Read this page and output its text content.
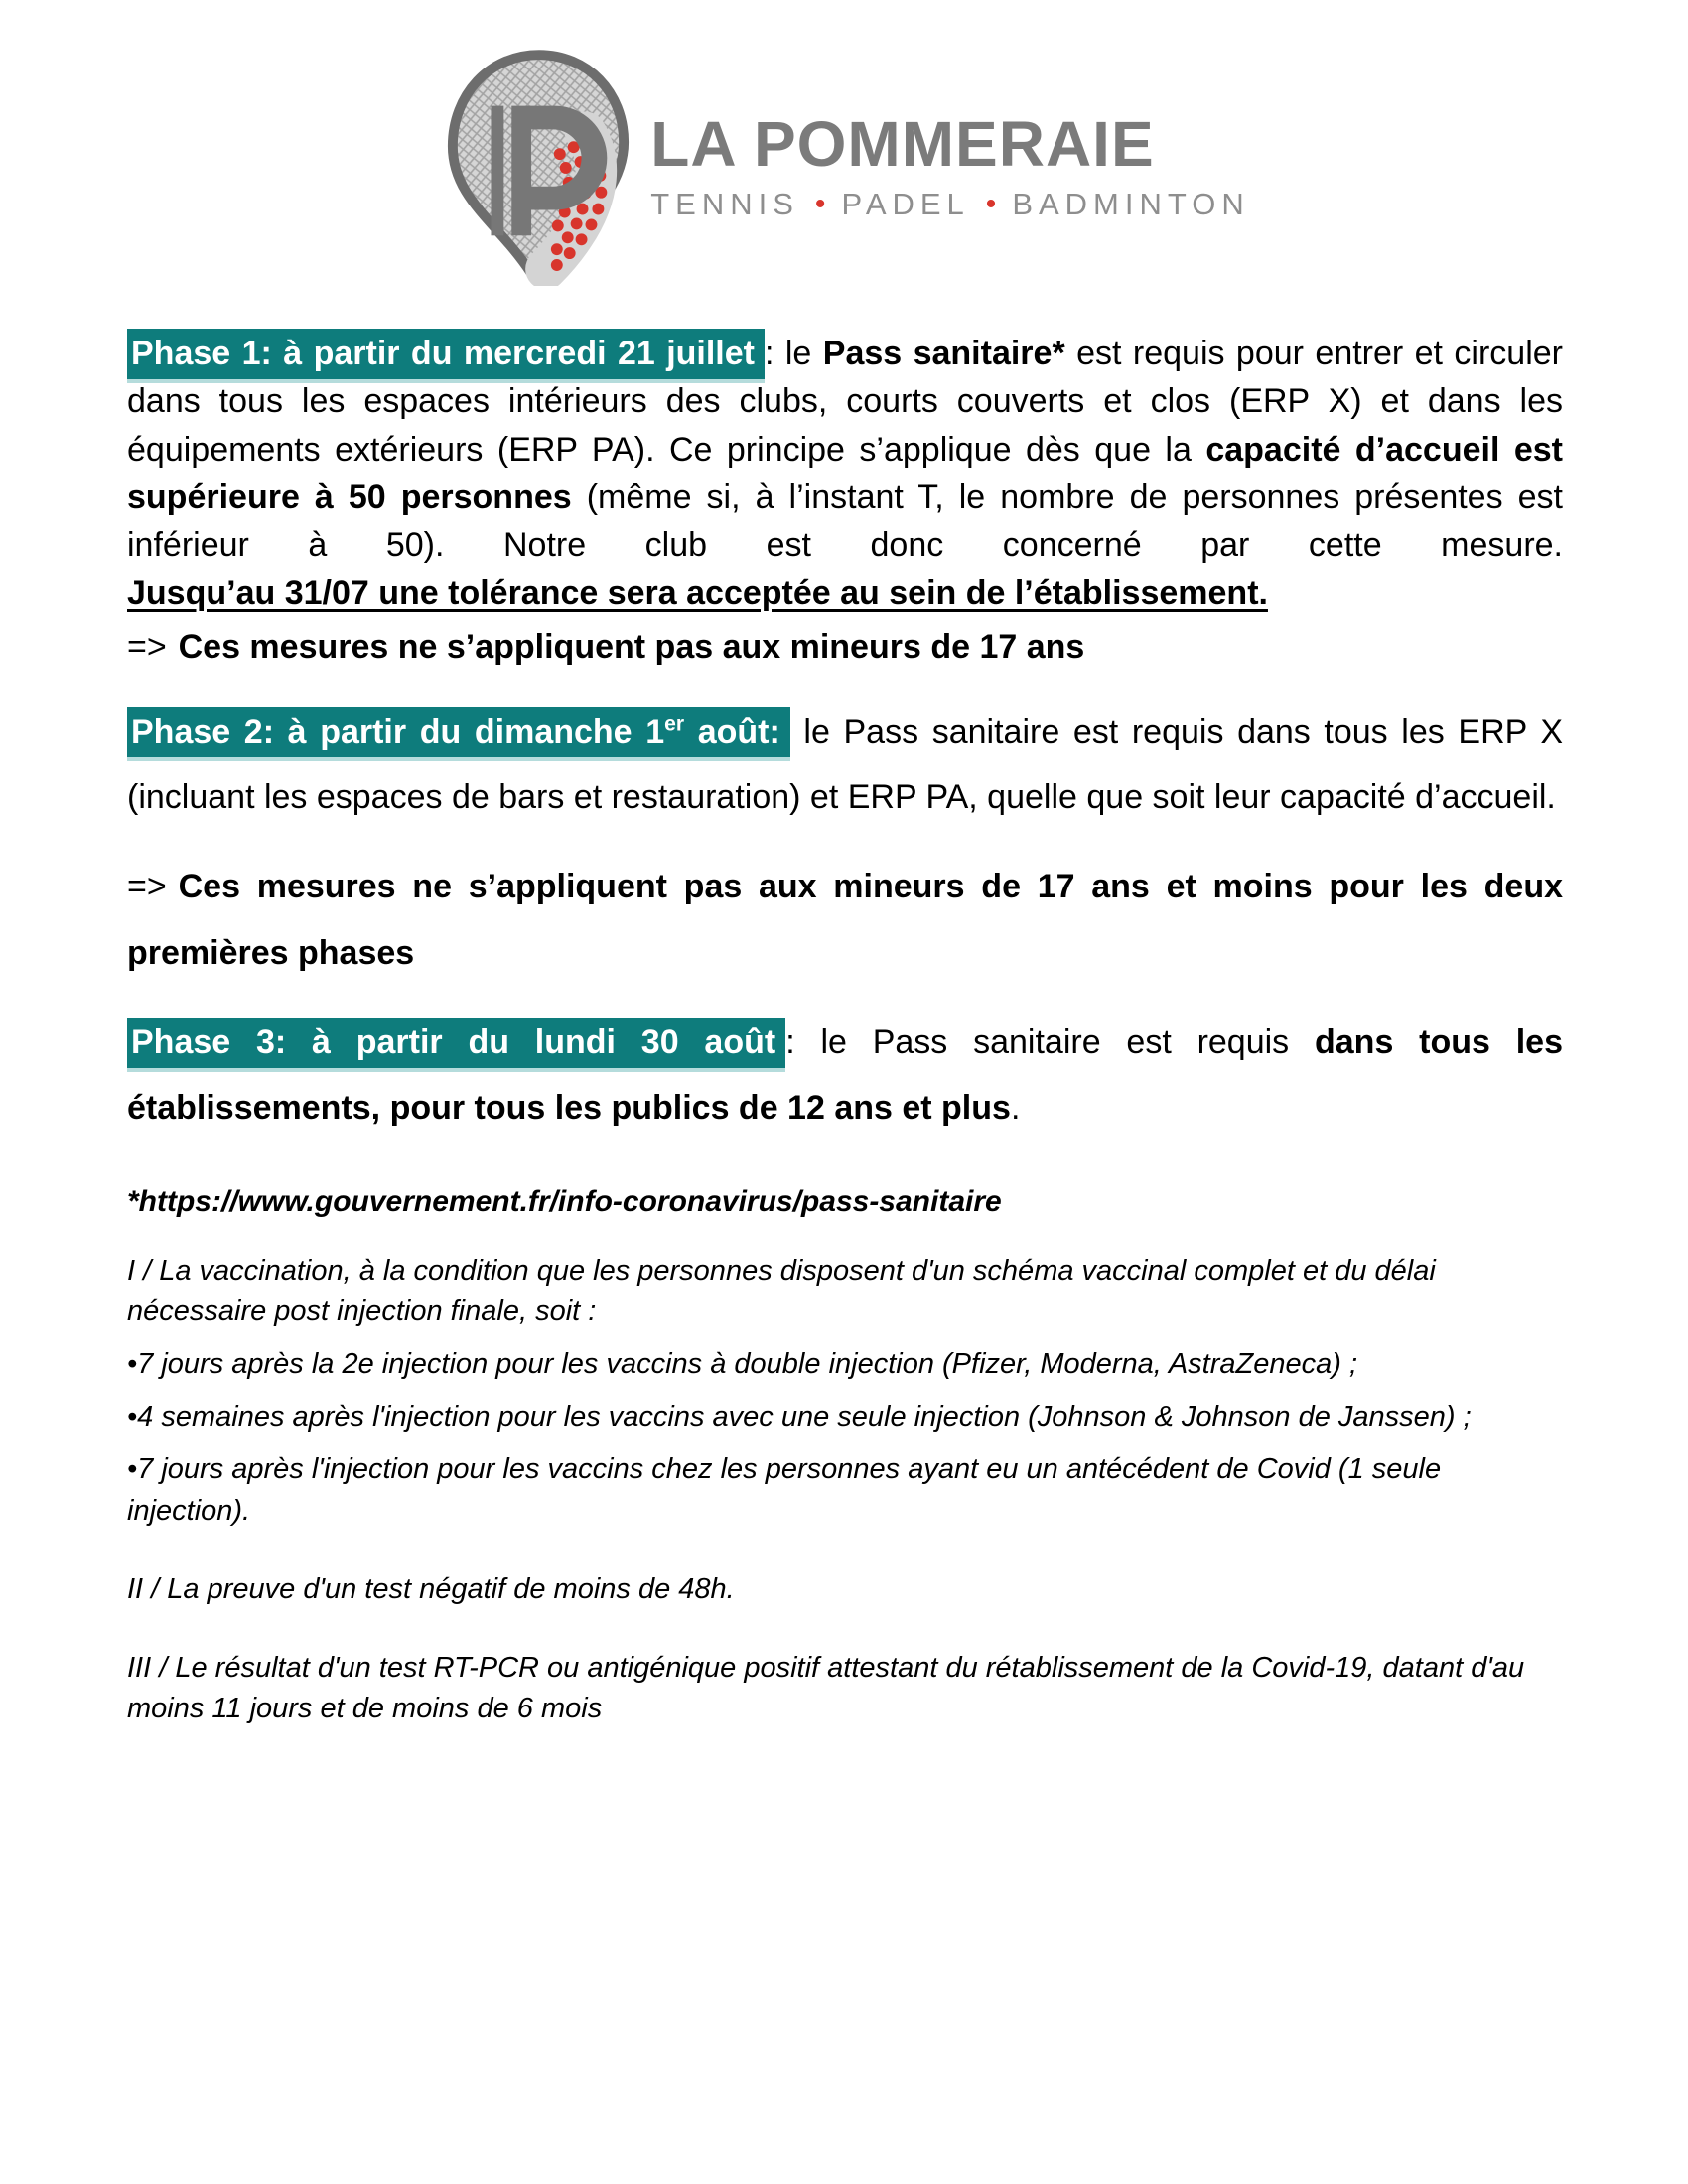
LA POMMERAIE
TENNIS • PADEL • BADMINTON

Phase 1: à partir du mercredi 21 juillet : le Pass sanitaire* est requis pour entrer et circuler dans tous les espaces intérieurs des clubs, courts couverts et clos (ERP X) et dans les équipements extérieurs (ERP PA). Ce principe s’applique dès que la capacité d’accueil est supérieure à 50 personnes (même si, à l’instant T, le nombre de personnes présentes est inférieur à 50). Notre club est donc concerné par cette mesure.

Jusqu’au 31/07 une tolérance sera acceptée au sein de l’établissement.

=> Ces mesures ne s’appliquent pas aux mineurs de 17 ans

Phase 2: à partir du dimanche 1er août: le Pass sanitaire est requis dans tous les ERP X (incluant les espaces de bars et restauration) et ERP PA, quelle que soit leur capacité d’accueil.

=> Ces mesures ne s’appliquent pas aux mineurs de 17 ans et moins pour les deux premières phases

Phase 3: à partir du lundi 30 août : le Pass sanitaire est requis dans tous les établissements, pour tous les publics de 12 ans et plus.

*https://www.gouvernement.fr/info-coronavirus/pass-sanitaire

I / La vaccination, à la condition que les personnes disposent d'un schéma vaccinal complet et du délai nécessaire post injection finale, soit :

•7 jours après la 2e injection pour les vaccins à double injection (Pfizer, Moderna, AstraZeneca) ;

•4 semaines après l'injection pour les vaccins avec une seule injection (Johnson & Johnson de Janssen) ;

•7 jours après l'injection pour les vaccins chez les personnes ayant eu un antécédent de Covid (1 seule injection).

II / La preuve d'un test négatif de moins de 48h.

III / Le résultat d'un test RT-PCR ou antigénique positif attestant du rétablissement de la Covid-19, datant d'au moins 11 jours et de moins de 6 mois
